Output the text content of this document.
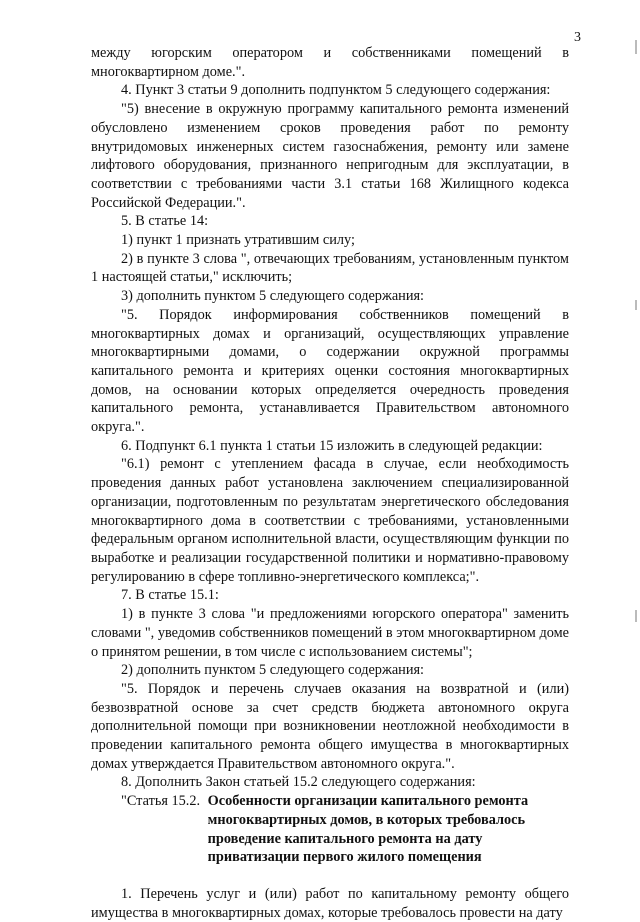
3

между югорским оператором и собственниками помещений в многоквартирном доме.".

4. Пункт 3 статьи 9 дополнить подпунктом 5 следующего содержания:

"5) внесение в окружную программу капитального ремонта изменений обусловлено изменением сроков проведения работ по ремонту внутридомовых инженерных систем газоснабжения, ремонту или замене лифтового оборудования, признанного непригодным для эксплуатации, в соответствии с требованиями части 3.1 статьи 168 Жилищного кодекса Российской Федерации.".

5. В статье 14:

1) пункт 1 признать утратившим силу;

2) в пункте 3 слова ", отвечающих требованиям, установленным пунктом 1 настоящей статьи," исключить;

3) дополнить пунктом 5 следующего содержания:

"5. Порядок информирования собственников помещений в многоквартирных домах и организаций, осуществляющих управление многоквартирными домами, о содержании окружной программы капитального ремонта и критериях оценки состояния многоквартирных домов, на основании которых определяется очередность проведения капитального ремонта, устанавливается Правительством автономного округа.".

6. Подпункт 6.1 пункта 1 статьи 15 изложить в следующей редакции:

"6.1) ремонт с утеплением фасада в случае, если необходимость проведения данных работ установлена заключением специализированной организации, подготовленным по результатам энергетического обследования многоквартирного дома в соответствии с требованиями, установленными федеральным органом исполнительной власти, осуществляющим функции по выработке и реализации государственной политики и нормативно-правовому регулированию в сфере топливно-энергетического комплекса;".

7. В статье 15.1:

1) в пункте 3 слова "и предложениями югорского оператора" заменить словами ", уведомив собственников помещений в этом многоквартирном доме о принятом решении, в том числе с использованием системы";

2) дополнить пунктом 5 следующего содержания:

"5. Порядок и перечень случаев оказания на возвратной и (или) безвозвратной основе за счет средств бюджета автономного округа дополнительной помощи при возникновении неотложной необходимости в проведении капитального ремонта общего имущества в многоквартирных домах утверждается Правительством автономного округа.".

8. Дополнить Закон статьей 15.2 следующего содержания:

"Статья 15.2. Особенности организации капитального ремонта
многоквартирных домов, в которых требовалось
проведение капитального ремонта на дату
приватизации первого жилого помещения

1. Перечень услуг и (или) работ по капитальному ремонту общего имущества в многоквартирных домах, которые требовалось провести на дату
